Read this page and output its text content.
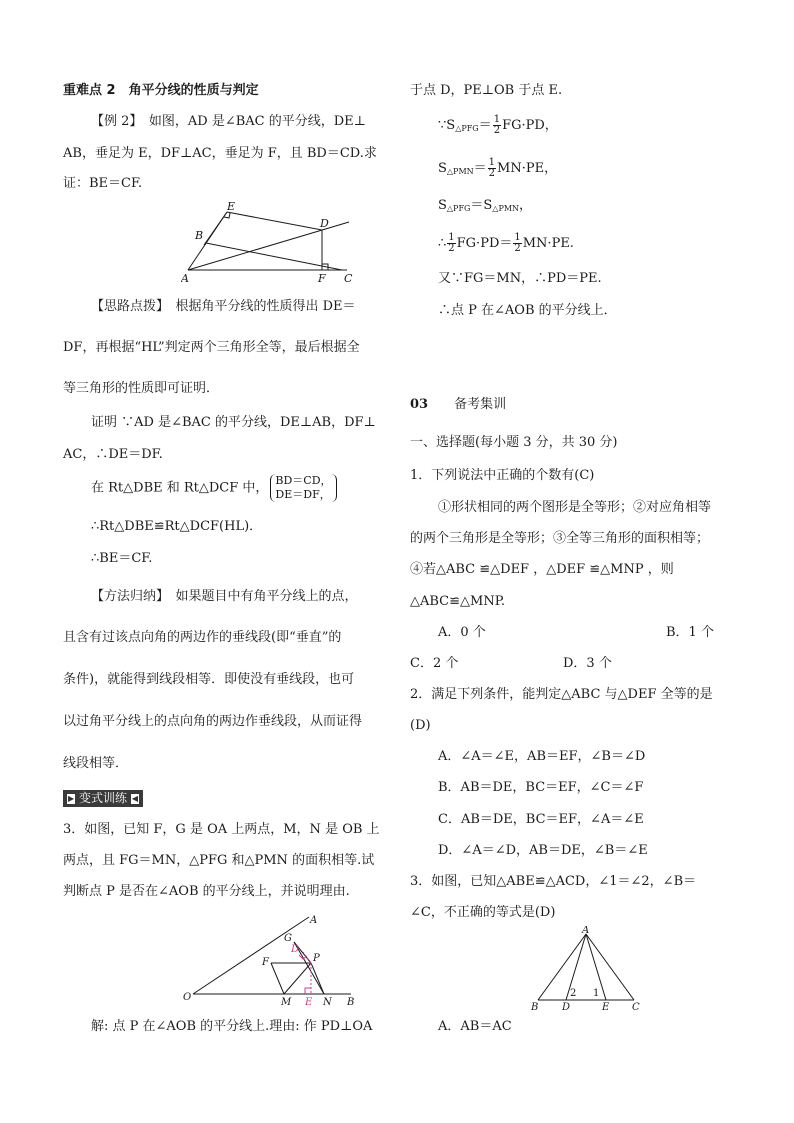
重难点 2　角平分线的性质与判定
【例 2】　如图，AD 是∠BAC 的平分线，DE⊥
AB，垂足为 E，DF⊥AC，垂足为 F，且 BD＝CD.求
证：BE＝CF.
E
B
D
A	F C
【思路点拨】　根据角平分线的性质得出 DE＝
DF，再根据“HL”判定两个三角形全等，最后根据全
等三角形的性质即可证明．
证明 ∵AD 是∠BAC 的平分线，DE⊥AB，DF⊥
AC，∴DE＝DF.
在 Rt△DBE 和 Rt△DCF 中， BD＝CD，
DE＝DF，
∴Rt△DBE≌Rt△DCF(HL)．
∴BE＝CF.
【方法归纳】　如果题目中有角平分线上的点，
且含有过该点向角的两边作的垂线段(即“垂直”的
条件)，就能得到线段相等．即使没有垂线段，也可
以过角平分线上的点向角的两边作垂线段，从而证得
线段相等．
▶ 变式训练 ◀
3．如图，已知 F，G 是 OA 上两点，M，N 是 OB 上
两点，且 FG＝MN，△PFG 和△PMN 的面积相等.试
判断点 P 是否在∠AOB 的平分线上，并说明理由.
A
G
D
F	P
O	M E N B
解: 点 P 在∠AOB 的平分线上.理由: 作 PD⊥OA
于点 D，PE⊥OB 于点 E.
$\because S_{\triangle PFG}= \frac{1}{2} FG\cdot PD$，
$S_{\triangle PMN}= \frac{1}{2} MN\cdot PE$，
$S_{\triangle PFG}=S_{\triangle PMN}$，
∴ $\frac{1}{2} FG\cdot PD= \frac{1}{2} MN\cdot PE$.
又∵FG＝MN，∴PD＝PE.
∴点 P 在∠AOB 的平分线上．
03 备考集训
一、选择题(每小题 3 分，共 30 分)
1．下列说法中正确的个数有(C)
①形状相同的两个图形是全等形；②对应角相等
的两个三角形是全等形；③全等三角形的面积相等；
④若△ABC ≌△DEF ，△DEF ≌△MNP ，则
△ABC≌△MNP.
A．0 个	B．1 个
C．2 个	D．3 个
2．满足下列条件，能判定△ABC 与△DEF 全等的是
(D)
A．∠A＝∠E，AB＝EF，∠B＝∠D
B．AB＝DE，BC＝EF，∠C＝∠F
C．AB＝DE，BC＝EF，∠A＝∠E
D．∠A＝∠D，AB＝DE，∠B＝∠E
3．如图，已知△ABE≌△ACD，∠1＝∠2，∠B＝
∠C，不正确的等式是(D)
A
2 1
B D	E C
A．AB＝AC
